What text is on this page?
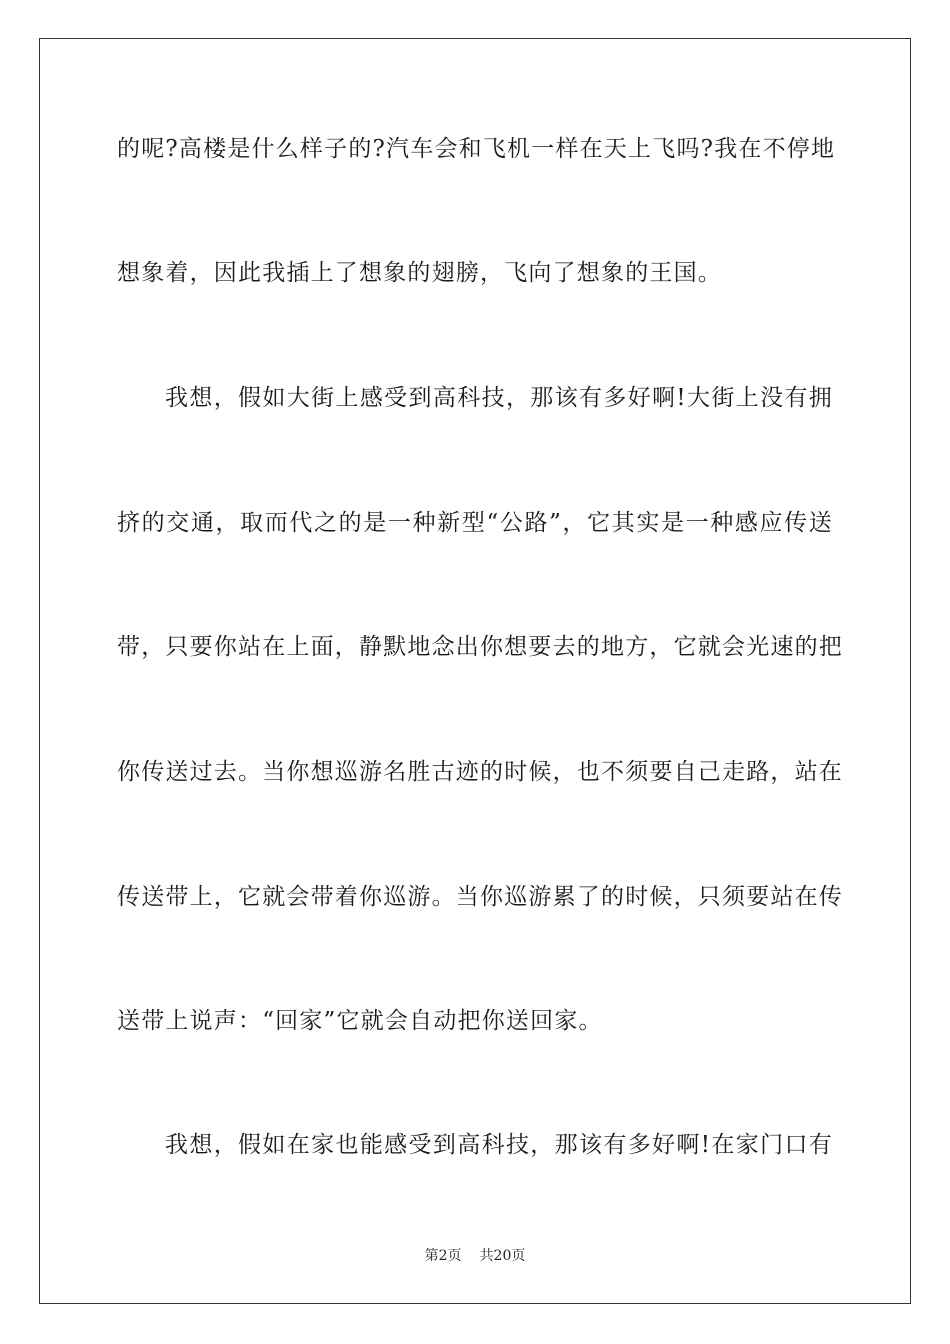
的呢?高楼是什么样子的?汽车会和飞机一样在天上飞吗?我在不停地
想象着，因此我插上了想象的翅膀，飞向了想象的王国。
我想，假如大街上感受到高科技，那该有多好啊!大街上没有拥
挤的交通，取而代之的是一种新型“公路”，它其实是一种感应传送
带，只要你站在上面，静默地念出你想要去的地方，它就会光速的把
你传送过去。当你想巡游名胜古迹的时候，也不须要自己走路，站在
传送带上，它就会带着你巡游。当你巡游累了的时候，只须要站在传
送带上说声：“回家”它就会自动把你送回家。
我想，假如在家也能感受到高科技，那该有多好啊!在家门口有
第2页 共20页
